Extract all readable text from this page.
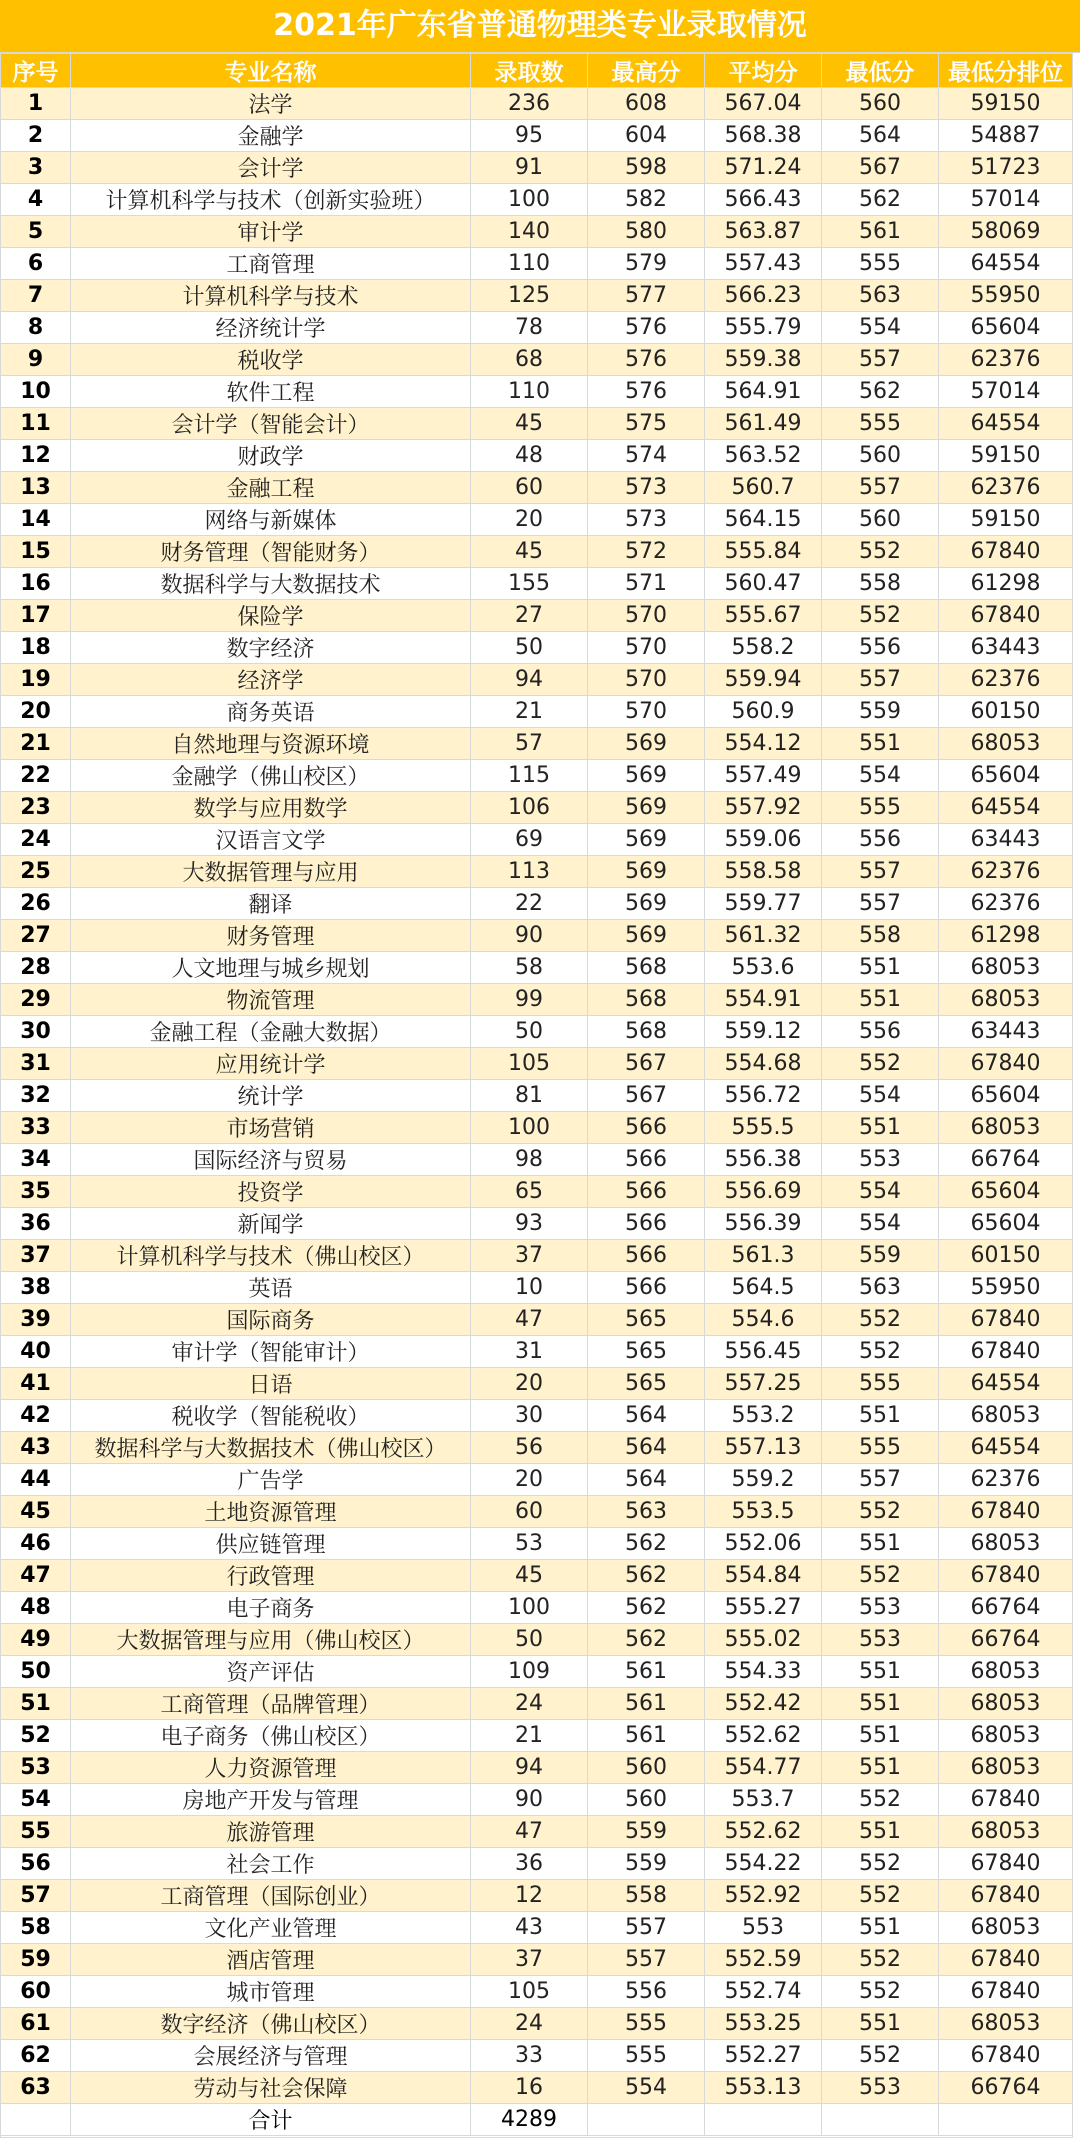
2021年广东省普通物理类专业录取情况
序号	专业名称	录取数	最高分	平均分	最低分	最低分排位
1	法学	236	608	567.04	560	59150
2	金融学	95	604	568.38	564	54887
3	会计学	91	598	571.24	567	51723
4	计算机科学与技术（创新实验班）	100	582	566.43	562	57014
5	审计学	140	580	563.87	561	58069
6	工商管理	110	579	557.43	555	64554
7	计算机科学与技术	125	577	566.23	563	55950
8	经济统计学	78	576	555.79	554	65604
9	税收学	68	576	559.38	557	62376
10	软件工程	110	576	564.91	562	57014
11	会计学（智能会计）	45	575	561.49	555	64554
12	财政学	48	574	563.52	560	59150
13	金融工程	60	573	560.7	557	62376
14	网络与新媒体	20	573	564.15	560	59150
15	财务管理（智能财务）	45	572	555.84	552	67840
16	数据科学与大数据技术	155	571	560.47	558	61298
17	保险学	27	570	555.67	552	67840
18	数字经济	50	570	558.2	556	63443
19	经济学	94	570	559.94	557	62376
20	商务英语	21	570	560.9	559	60150
21	自然地理与资源环境	57	569	554.12	551	68053
22	金融学（佛山校区）	115	569	557.49	554	65604
23	数学与应用数学	106	569	557.92	555	64554
24	汉语言文学	69	569	559.06	556	63443
25	大数据管理与应用	113	569	558.58	557	62376
26	翻译	22	569	559.77	557	62376
27	财务管理	90	569	561.32	558	61298
28	人文地理与城乡规划	58	568	553.6	551	68053
29	物流管理	99	568	554.91	551	68053
30	金融工程（金融大数据）	50	568	559.12	556	63443
31	应用统计学	105	567	554.68	552	67840
32	统计学	81	567	556.72	554	65604
33	市场营销	100	566	555.5	551	68053
34	国际经济与贸易	98	566	556.38	553	66764
35	投资学	65	566	556.69	554	65604
36	新闻学	93	566	556.39	554	65604
37	计算机科学与技术（佛山校区）	37	566	561.3	559	60150
38	英语	10	566	564.5	563	55950
39	国际商务	47	565	554.6	552	67840
40	审计学（智能审计）	31	565	556.45	552	67840
41	日语	20	565	557.25	555	64554
42	税收学（智能税收）	30	564	553.2	551	68053
43	数据科学与大数据技术（佛山校区）	56	564	557.13	555	64554
44	广告学	20	564	559.2	557	62376
45	土地资源管理	60	563	553.5	552	67840
46	供应链管理	53	562	552.06	551	68053
47	行政管理	45	562	554.84	552	67840
48	电子商务	100	562	555.27	553	66764
49	大数据管理与应用（佛山校区）	50	562	555.02	553	66764
50	资产评估	109	561	554.33	551	68053
51	工商管理（品牌管理）	24	561	552.42	551	68053
52	电子商务（佛山校区）	21	561	552.62	551	68053
53	人力资源管理	94	560	554.77	551	68053
54	房地产开发与管理	90	560	553.7	552	67840
55	旅游管理	47	559	552.62	551	68053
56	社会工作	36	559	554.22	552	67840
57	工商管理（国际创业）	12	558	552.92	552	67840
58	文化产业管理	43	557	553	551	68053
59	酒店管理	37	557	552.59	552	67840
60	城市管理	105	556	552.74	552	67840
61	数字经济（佛山校区）	24	555	553.25	551	68053
62	会展经济与管理	33	555	552.27	552	67840
63	劳动与社会保障	16	554	553.13	553	66764
	合计	4289				
